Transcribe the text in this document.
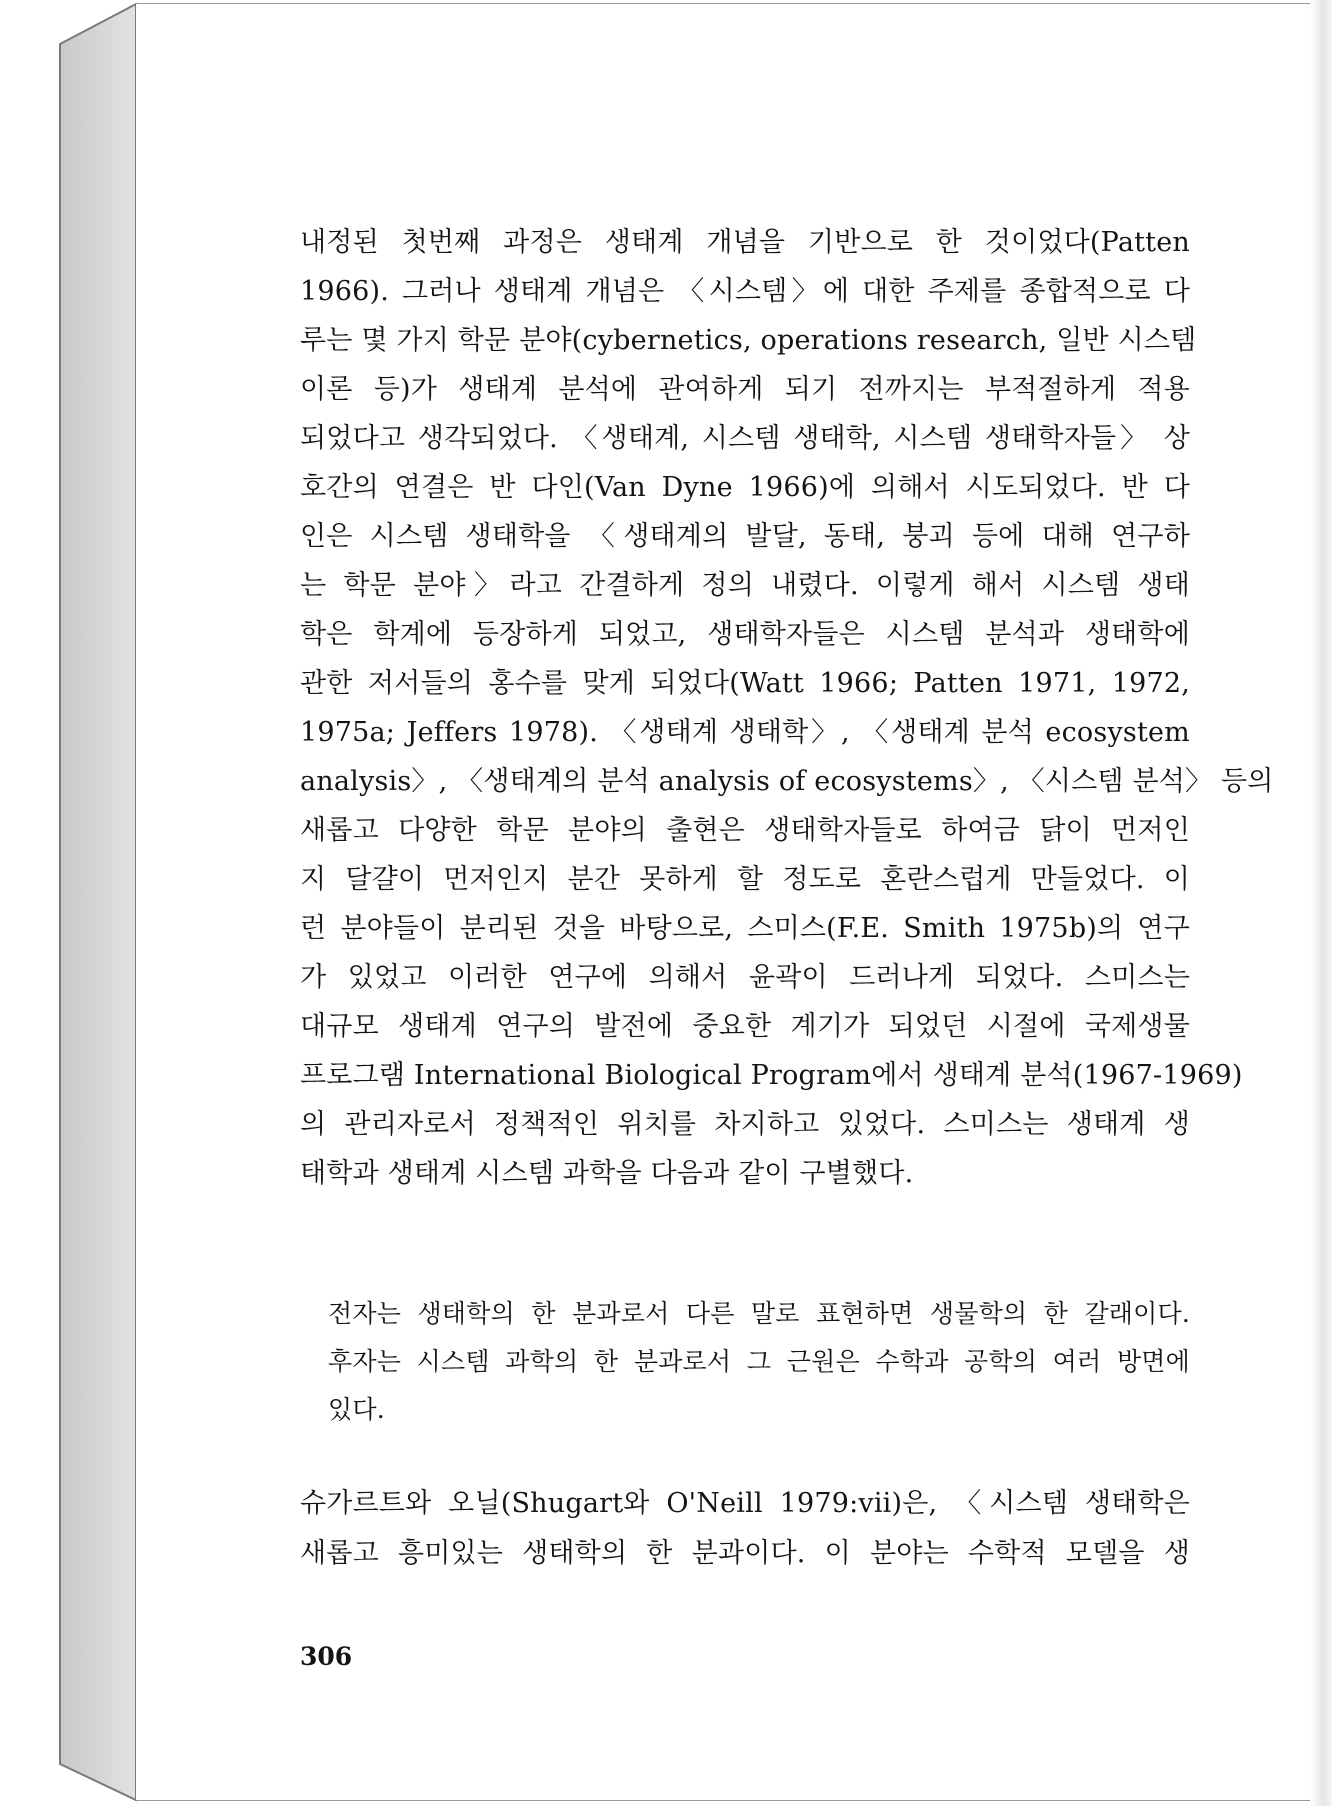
내정된 첫번째 과정은 생태계 개념을 기반으로 한 것이었다(Patten
1966). 그러나 생태계 개념은 〈시스템〉에 대한 주제를 종합적으로 다
루는 몇 가지 학문 분야(cybernetics, operations research, 일반 시스템
이론 등)가 생태계 분석에 관여하게 되기 전까지는 부적절하게 적용
되었다고 생각되었다. 〈생태계, 시스템 생태학, 시스템 생태학자들〉 상
호간의 연결은 반 다인(Van Dyne 1966)에 의해서 시도되었다. 반 다
인은 시스템 생태학을 〈생태계의 발달, 동태, 붕괴 등에 대해 연구하
는 학문 분야〉라고 간결하게 정의 내렸다. 이렇게 해서 시스템 생태
학은 학계에 등장하게 되었고, 생태학자들은 시스템 분석과 생태학에
관한 저서들의 홍수를 맞게 되었다(Watt 1966; Patten 1971, 1972,
1975a; Jeffers 1978). 〈생태계 생태학〉, 〈생태계 분석 ecosystem
analysis〉, 〈생태계의 분석 analysis of ecosystems〉, 〈시스템 분석〉 등의
새롭고 다양한 학문 분야의 출현은 생태학자들로 하여금 닭이 먼저인
지 달걀이 먼저인지 분간 못하게 할 정도로 혼란스럽게 만들었다. 이
런 분야들이 분리된 것을 바탕으로, 스미스(F.E. Smith 1975b)의 연구
가 있었고 이러한 연구에 의해서 윤곽이 드러나게 되었다. 스미스는
대규모 생태계 연구의 발전에 중요한 계기가 되었던 시절에 국제생물
프로그램 International Biological Program에서 생태계 분석(1967-1969)
의 관리자로서 정책적인 위치를 차지하고 있었다. 스미스는 생태계 생
태학과 생태계 시스템 과학을 다음과 같이 구별했다.
전자는 생태학의 한 분과로서 다른 말로 표현하면 생물학의 한 갈래이다.
후자는 시스템 과학의 한 분과로서 그 근원은 수학과 공학의 여러 방면에
있다.
슈가르트와 오닐(Shugart와 O'Neill 1979:vii)은, 〈시스템 생태학은
새롭고 흥미있는 생태학의 한 분과이다. 이 분야는 수학적 모델을 생
306
